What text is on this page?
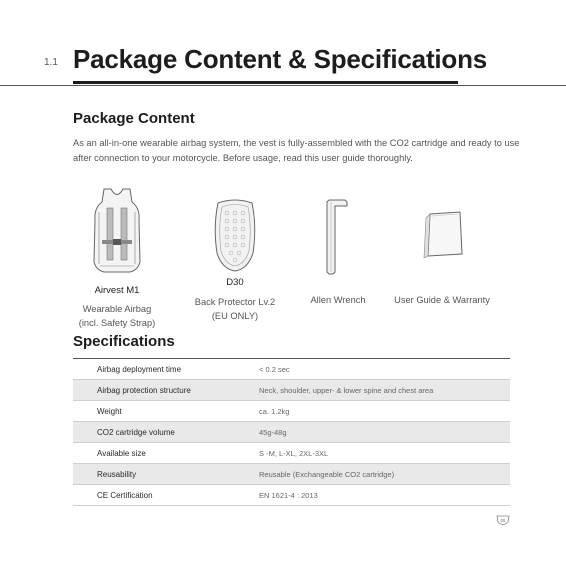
1.1 Package Content & Specifications
Package Content
As an all-in-one wearable airbag system, the vest is fully-assembled with the CO2 cartridge and ready to use after connection to your motorcycle. Before usage, read this user guide thoroughly.
Airvest M1
Wearable Airbag
(incl. Safety Strap)
D30
Back Protector Lv.2
(EU ONLY)
Allen Wrench	User Guide & Warranty
Specifications
Airbag deployment time	< 0.2 sec
Airbag protection structure	Neck, shoulder, upper- & lower spine and chest area
Weight	ca. 1.2kg
CO2 cartridge volume	45g-48g
Available size	S -M, L-XL, 2XL-3XL
Reusability	Reusable (Exchangeable CO2 cartridge)
CE Certification	EN 1621-4 : 2013
05
